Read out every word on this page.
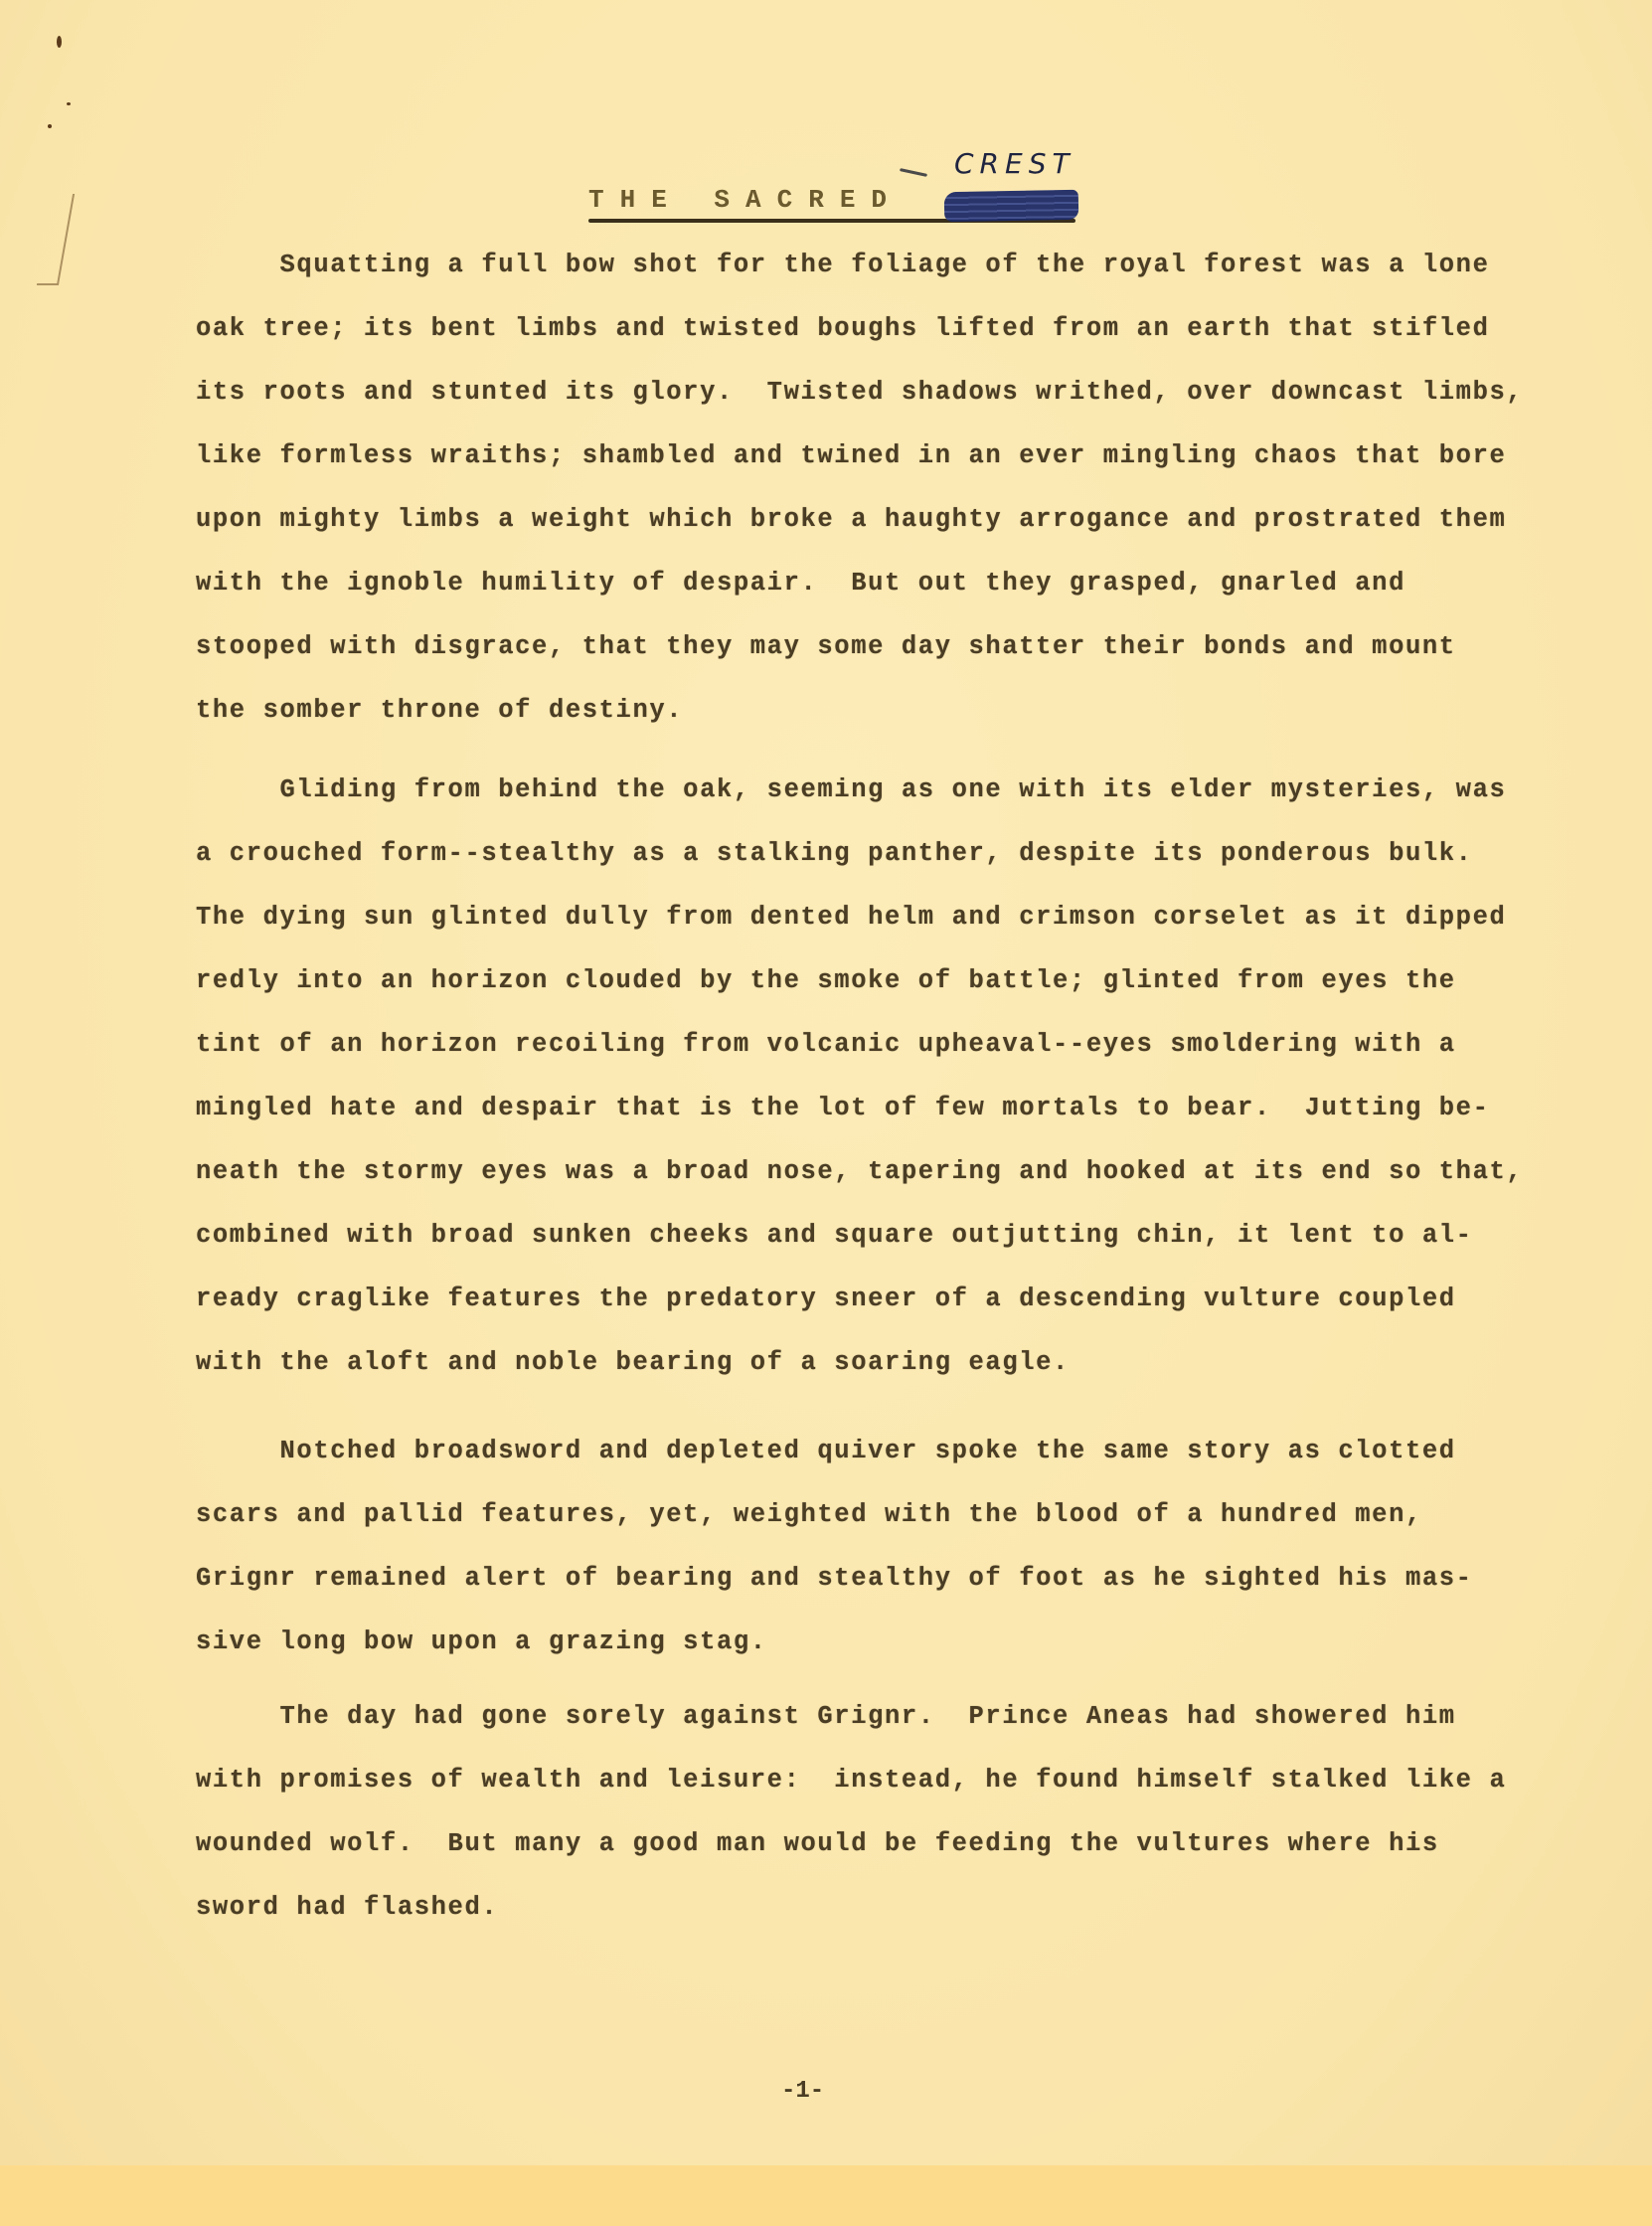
THE SACRED
CREST
Squatting a full bow shot for the foliage of the royal forest was a lone
oak tree; its bent limbs and twisted boughs lifted from an earth that stifled
its roots and stunted its glory.  Twisted shadows writhed, over downcast limbs,
like formless wraiths; shambled and twined in an ever mingling chaos that bore
upon mighty limbs a weight which broke a haughty arrogance and prostrated them
with the ignoble humility of despair.  But out they grasped, gnarled and
stooped with disgrace, that they may some day shatter their bonds and mount
the somber throne of destiny.
Gliding from behind the oak, seeming as one with its elder mysteries, was
a crouched form--stealthy as a stalking panther, despite its ponderous bulk.
The dying sun glinted dully from dented helm and crimson corselet as it dipped
redly into an horizon clouded by the smoke of battle; glinted from eyes the
tint of an horizon recoiling from volcanic upheaval--eyes smoldering with a
mingled hate and despair that is the lot of few mortals to bear.  Jutting be-
neath the stormy eyes was a broad nose, tapering and hooked at its end so that,
combined with broad sunken cheeks and square outjutting chin, it lent to al-
ready craglike features the predatory sneer of a descending vulture coupled
with the aloft and noble bearing of a soaring eagle.
Notched broadsword and depleted quiver spoke the same story as clotted
scars and pallid features, yet, weighted with the blood of a hundred men,
Grignr remained alert of bearing and stealthy of foot as he sighted his mas-
sive long bow upon a grazing stag.
The day had gone sorely against Grignr.  Prince Aneas had showered him
with promises of wealth and leisure:  instead, he found himself stalked like a
wounded wolf.  But many a good man would be feeding the vultures where his
sword had flashed.
-1-
